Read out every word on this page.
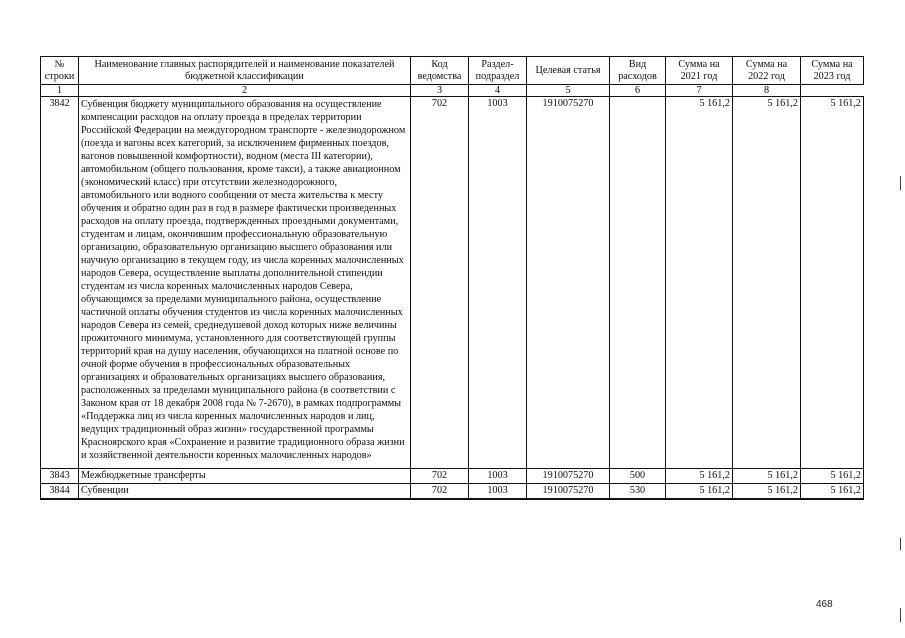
№ строки	Наименование главных распорядителей и наименование показателей бюджетной классификации	Код ведомства	Раздел-подраздел	Целевая статья	Вид расходов	Сумма на 2021 год	Сумма на 2022 год	Сумма на 2023 год
1	2	3	4	5	6	7	8	
3842	Субвенция бюджету муниципального образования на осуществление компенсации расходов на оплату проезда в пределах территории Российской Федерации на междугородном транспорте - железнодорожном (поезда и вагоны всех категорий, за исключением фирменных поездов, вагонов повышенной комфортности), водном (места III категории), автомобильном (общего пользования, кроме такси), а также авиационном (экономический класс) при отсутствии железнодорожного, автомобильного или водного сообщения от места жительства к месту обучения и обратно один раз в год в размере фактически произведенных расходов на оплату проезда, подтвержденных проездными документами, студентам и лицам, окончившим профессиональную образовательную организацию, образовательную организацию высшего образования или научную организацию в текущем году, из числа коренных малочисленных народов Севера, осуществление выплаты дополнительной стипендии студентам из числа коренных малочисленных народов Севера, обучающимся за пределами муниципального района, осуществление частичной оплаты обучения студентов из числа коренных малочисленных народов Севера из семей, среднедушевой доход которых ниже величины прожиточного минимума, установленного для соответствующей группы территорий края на душу населения, обучающихся на платной основе по очной форме обучения в профессиональных образовательных организациях и образовательных организациях высшего образования, расположенных за пределами муниципального района (в соответствии с Законом края от 18 декабря 2008 года № 7-2670), в рамках подпрограммы «Поддержка лиц из числа коренных малочисленных народов и лиц, ведущих традиционный образ жизни» государственной программы Красноярского края «Сохранение и развитие традиционного образа жизни и хозяйственной деятельности коренных малочисленных народов»	702	1003	1910075270		5 161,2	5 161,2	5 161,2
3843	Межбюджетные трансферты	702	1003	1910075270	500	5 161,2	5 161,2	5 161,2
3844	Субвенции	702	1003	1910075270	530	5 161,2	5 161,2	5 161,2
468
